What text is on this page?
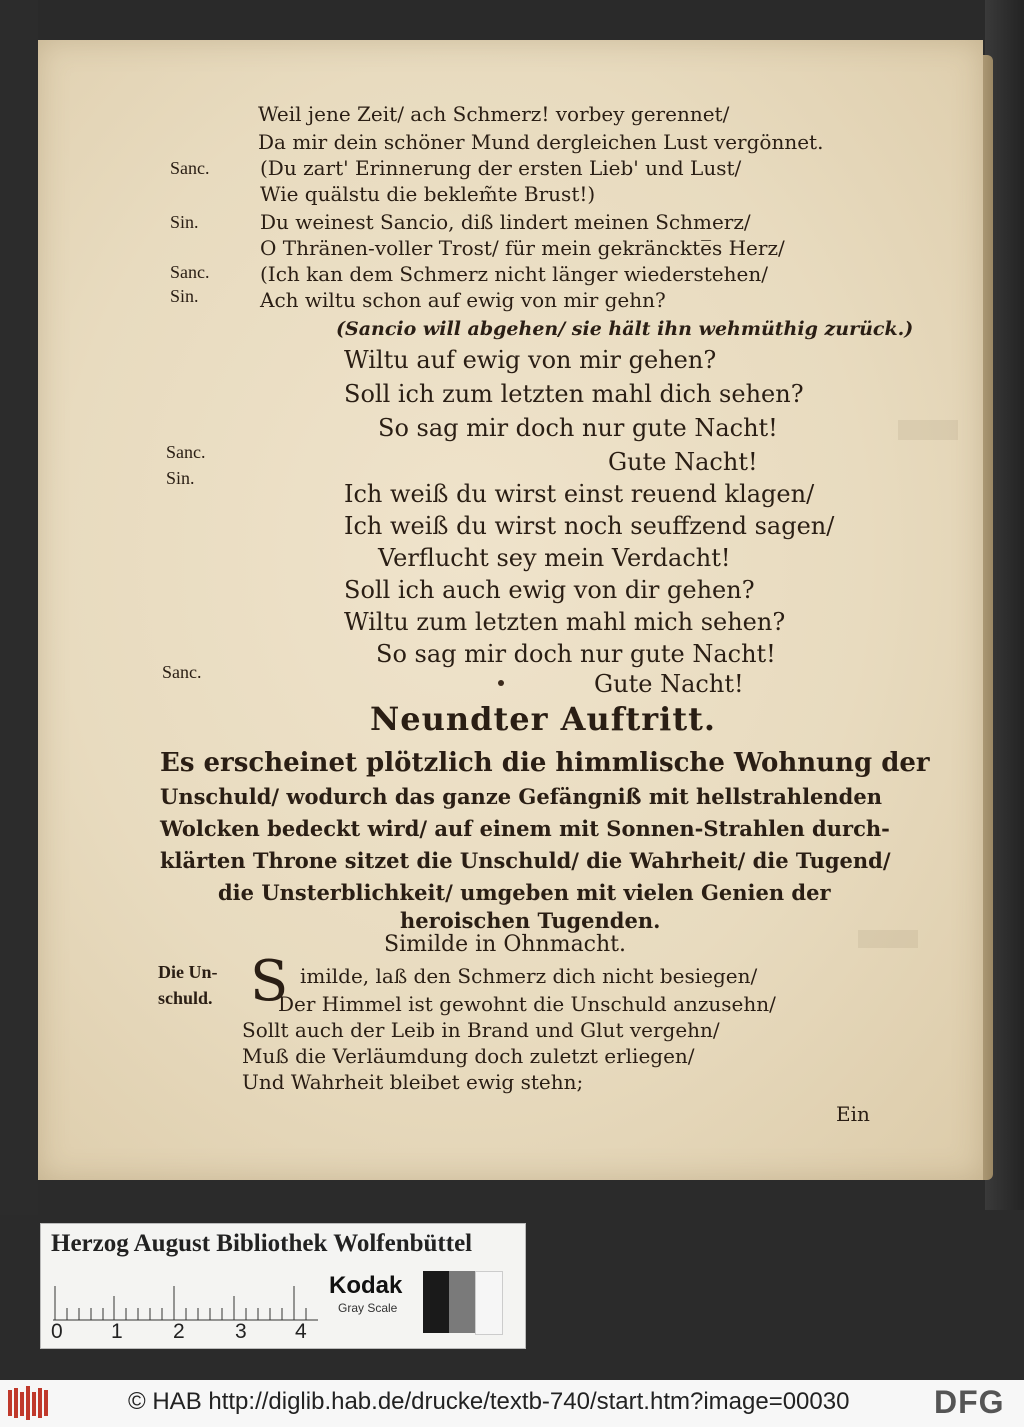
Sanc.
Sin.
Sanc.
Sin.
Sanc.
Sin.
Sanc.
Die Un-
schuld.
Weil jene Zeit/ ach Schmerz! vorbey gerennet/
Da mir dein schöner Mund dergleichen Lust vergönnet.
(Du zart' Erinnerung der ersten Lieb' und Lust/
Wie quälstu die beklem̃te Brust!)
Du weinest Sancio, diß lindert meinen Schmerz/
O Thränen-voller Trost/ für mein gekränckte̅s Herz/
(Ich kan dem Schmerz nicht länger wiederstehen/
Ach wiltu schon auf ewig von mir gehn?
(Sancio will abgehen/ sie hält ihn wehmüthig zurück.)
Wiltu auf ewig von mir gehen?
Soll ich zum letzten mahl dich sehen?
So sag mir doch nur gute Nacht!
Gute Nacht!
Ich weiß du wirst einst reuend klagen/
Ich weiß du wirst noch seuffzend sagen/
Verflucht sey mein Verdacht!
Soll ich auch ewig von dir gehen?
Wiltu zum letzten mahl mich sehen?
So sag mir doch nur gute Nacht!
Gute Nacht!
Neundter Auftritt.
Es erscheinet plötzlich die himmlische Wohnung der
Unschuld/ wodurch das ganze Gefängniß mit hellstrahlenden
Wolcken bedeckt wird/ auf einem mit Sonnen-Strahlen durch-
klärten Throne sitzet die Unschuld/ die Wahrheit/ die Tugend/
die Unsterblichkeit/ umgeben mit vielen Genien der
heroischen Tugenden.
Similde in Ohnmacht.
S imilde, laß den Schmerz dich nicht besiegen/
Der Himmel ist gewohnt die Unschuld anzusehn/
Sollt auch der Leib in Brand und Glut vergehn/
Muß die Verläumdung doch zuletzt erliegen/
Und Wahrheit bleibet ewig stehn;
Ein
Herzog August Bibliothek Wolfenbüttel
0 1 2 3 4
Kodak
Gray Scale
© HAB http://diglib.hab.de/drucke/textb-740/start.htm?image=00030	DFG
